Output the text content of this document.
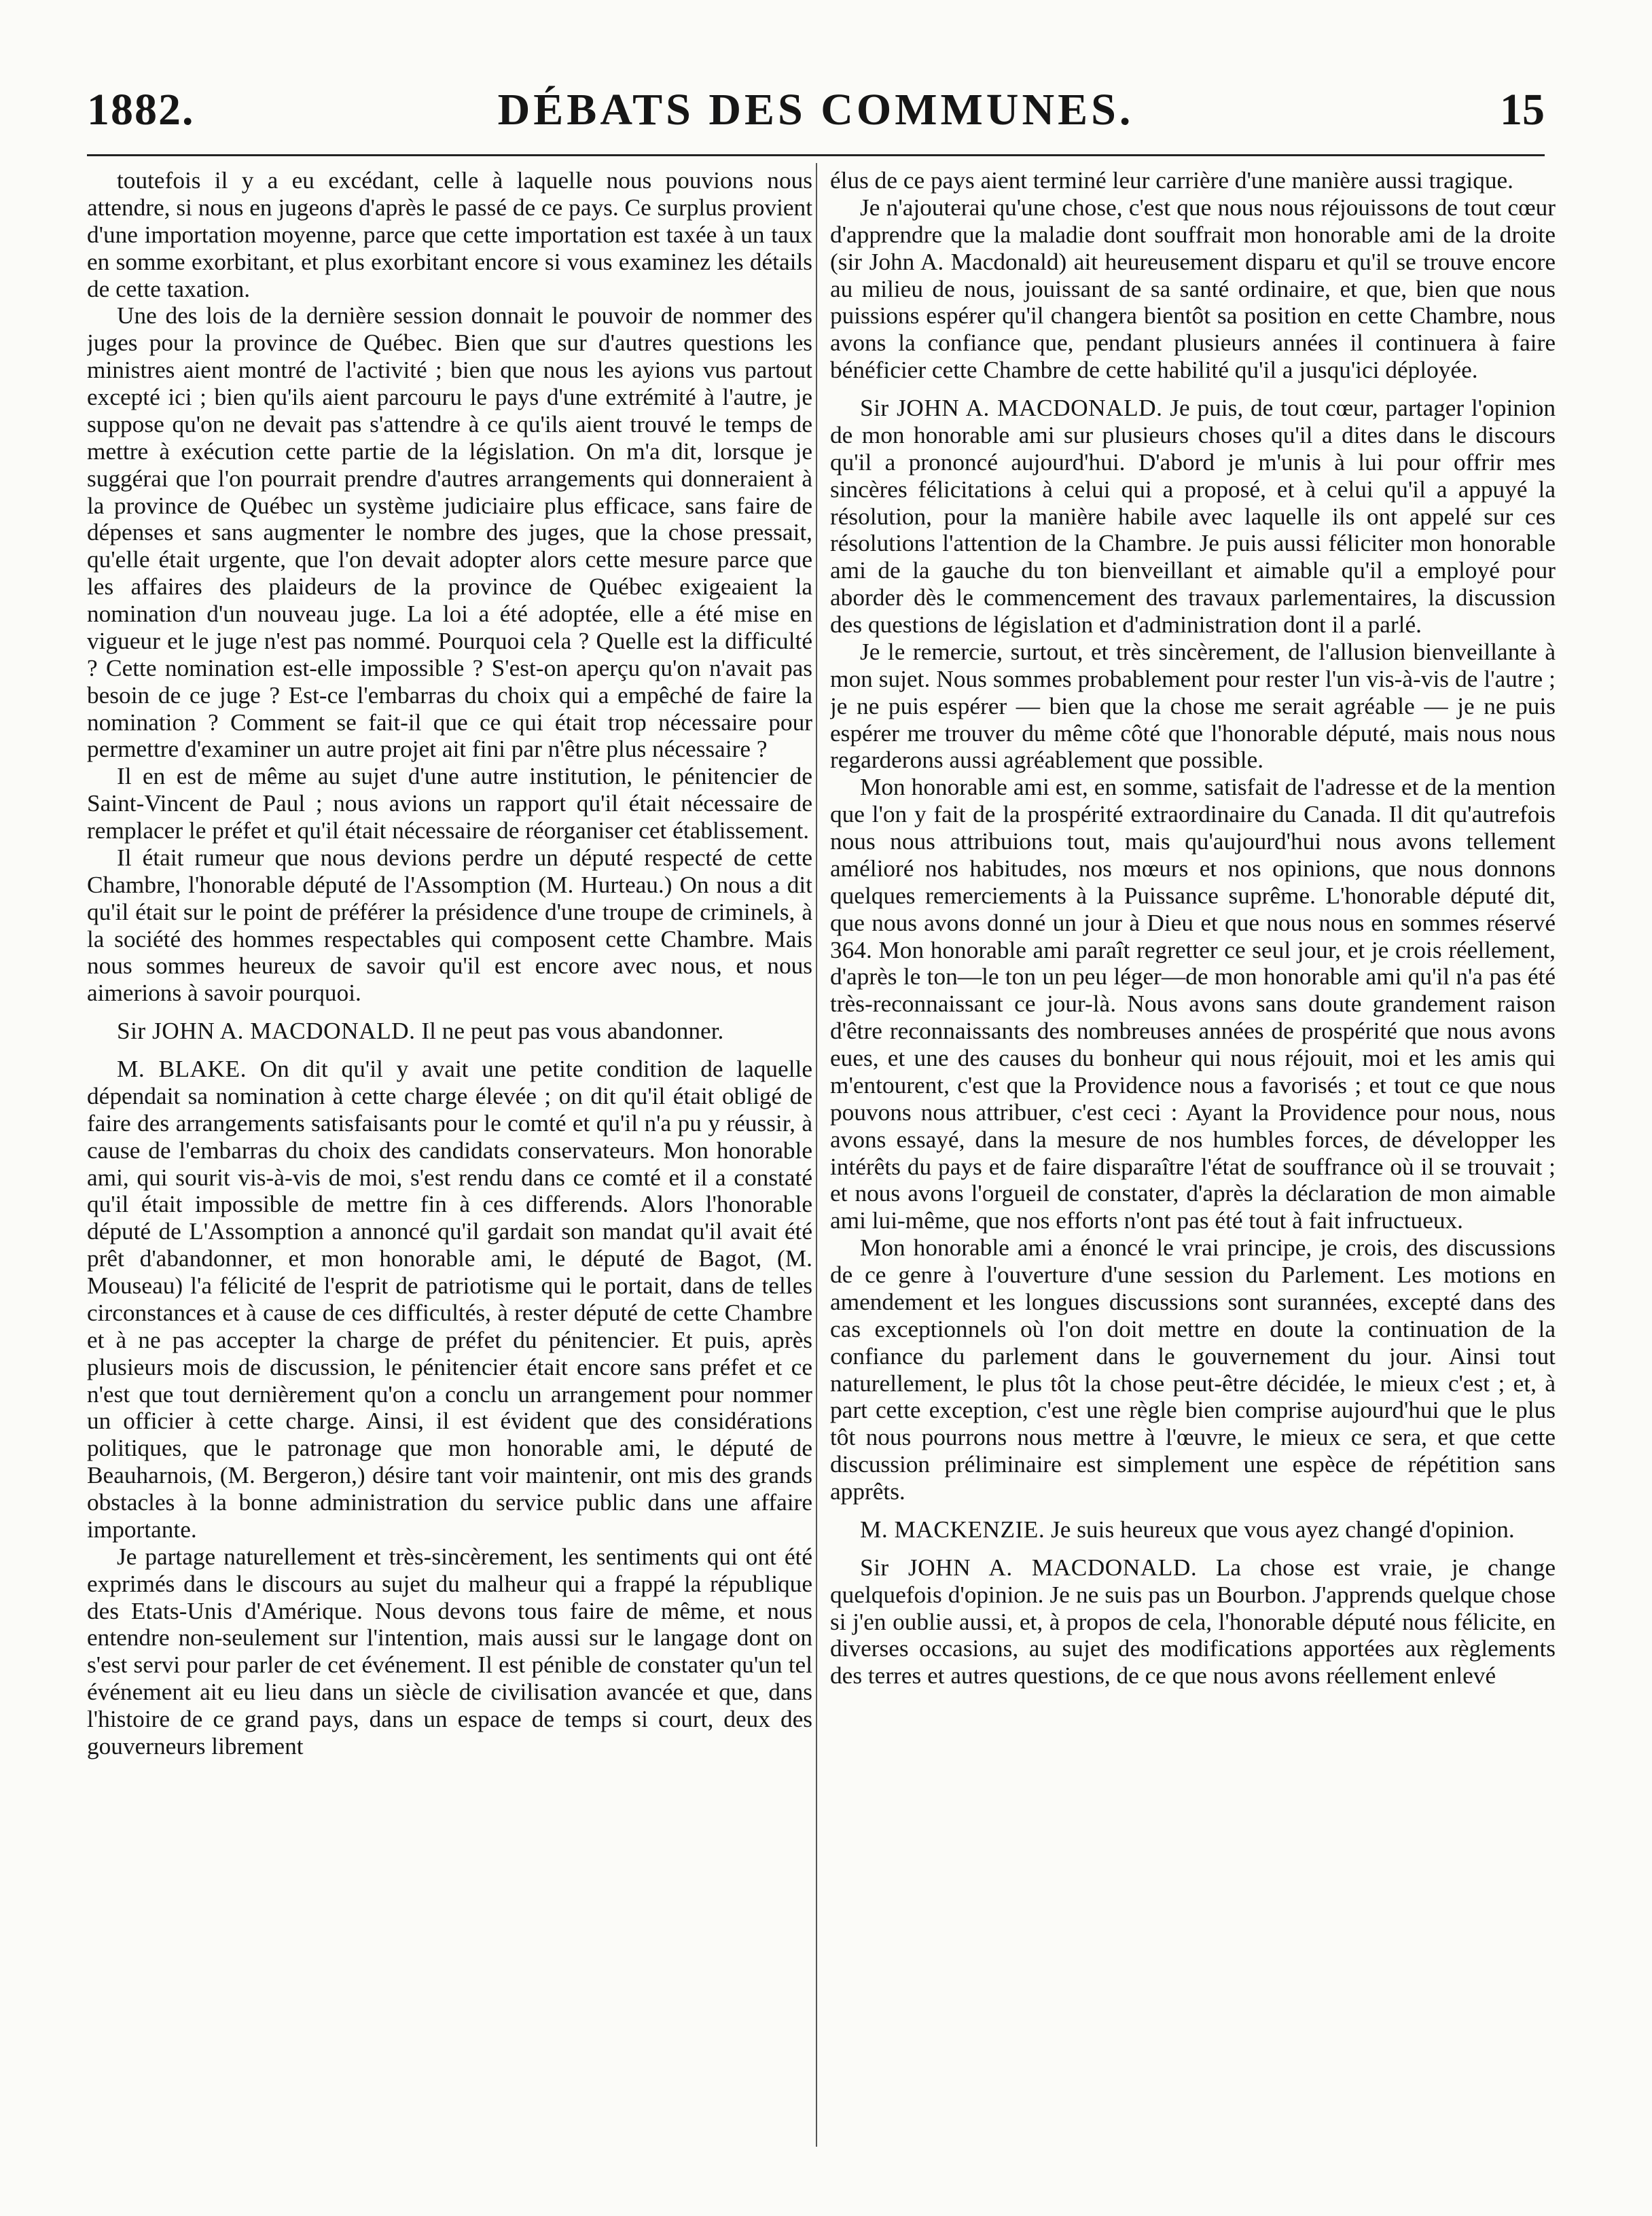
1882.	DÉBATS DES COMMUNES.	15

toutefois il y a eu excédant, celle à laquelle nous pouvions nous attendre, si nous en jugeons d'après le passé de ce pays. Ce surplus provient d'une importation moyenne, parce que cette importation est taxée à un taux en somme exorbitant, et plus exorbitant encore si vous examinez les détails de cette taxation.

Une des lois de la dernière session donnait le pouvoir de nommer des juges pour la province de Québec. Bien que sur d'autres questions les ministres aient montré de l'activité ; bien que nous les ayions vus partout excepté ici ; bien qu'ils aient parcouru le pays d'une extrémité à l'autre, je suppose qu'on ne devait pas s'attendre à ce qu'ils aient trouvé le temps de mettre à exécution cette partie de la législation. On m'a dit, lorsque je suggérai que l'on pourrait prendre d'autres arrangements qui donneraient à la province de Québec un système judiciaire plus efficace, sans faire de dépenses et sans augmenter le nombre des juges, que la chose pressait, qu'elle était urgente, que l'on devait adopter alors cette mesure parce que les affaires des plaideurs de la province de Québec exigeaient la nomination d'un nouveau juge. La loi a été adoptée, elle a été mise en vigueur et le juge n'est pas nommé. Pourquoi cela ? Quelle est la difficulté ? Cette nomination est-elle impossible ? S'est-on aperçu qu'on n'avait pas besoin de ce juge ? Est-ce l'embarras du choix qui a empêché de faire la nomination ? Comment se fait-il que ce qui était trop nécessaire pour permettre d'examiner un autre projet ait fini par n'être plus nécessaire ?

Il en est de même au sujet d'une autre institution, le pénitencier de Saint-Vincent de Paul ; nous avions un rapport qu'il était nécessaire de remplacer le préfet et qu'il était nécessaire de réorganiser cet établissement.

Il était rumeur que nous devions perdre un député respecté de cette Chambre, l'honorable député de l'Assomption (M. Hurteau.) On nous a dit qu'il était sur le point de préférer la présidence d'une troupe de criminels, à la société des hommes respectables qui composent cette Chambre. Mais nous sommes heureux de savoir qu'il est encore avec nous, et nous aimerions à savoir pourquoi.

Sir JOHN A. MACDONALD. Il ne peut pas vous abandonner.

M. BLAKE. On dit qu'il y avait une petite condition de laquelle dépendait sa nomination à cette charge élevée ; on dit qu'il était obligé de faire des arrangements satisfaisants pour le comté et qu'il n'a pu y réussir, à cause de l'embarras du choix des candidats conservateurs. Mon honorable ami, qui sourit vis-à-vis de moi, s'est rendu dans ce comté et il a constaté qu'il était impossible de mettre fin à ces differends. Alors l'honorable député de L'Assomption a annoncé qu'il gardait son mandat qu'il avait été prêt d'abandonner, et mon honorable ami, le député de Bagot, (M. Mouseau) l'a félicité de l'esprit de patriotisme qui le portait, dans de telles circonstances et à cause de ces difficultés, à rester député de cette Chambre et à ne pas accepter la charge de préfet du pénitencier. Et puis, après plusieurs mois de discussion, le pénitencier était encore sans préfet et ce n'est que tout dernièrement qu'on a conclu un arrangement pour nommer un officier à cette charge. Ainsi, il est évident que des considérations politiques, que le patronage que mon honorable ami, le député de Beauharnois, (M. Bergeron,) désire tant voir maintenir, ont mis des grands obstacles à la bonne administration du service public dans une affaire importante.

Je partage naturellement et très-sincèrement, les sentiments qui ont été exprimés dans le discours au sujet du malheur qui a frappé la république des Etats-Unis d'Amérique. Nous devons tous faire de même, et nous entendre non-seulement sur l'intention, mais aussi sur le langage dont on s'est servi pour parler de cet événement. Il est pénible de constater qu'un tel événement ait eu lieu dans un siècle de civilisation avancée et que, dans l'histoire de ce grand pays, dans un espace de temps si court, deux des gouverneurs librement

élus de ce pays aient terminé leur carrière d'une manière aussi tragique.

Je n'ajouterai qu'une chose, c'est que nous nous réjouissons de tout cœur d'apprendre que la maladie dont souffrait mon honorable ami de la droite (sir John A. Macdonald) ait heureusement disparu et qu'il se trouve encore au milieu de nous, jouissant de sa santé ordinaire, et que, bien que nous puissions espérer qu'il changera bientôt sa position en cette Chambre, nous avons la confiance que, pendant plusieurs années il continuera à faire bénéficier cette Chambre de cette habilité qu'il a jusqu'ici déployée.

Sir JOHN A. MACDONALD. Je puis, de tout cœur, partager l'opinion de mon honorable ami sur plusieurs choses qu'il a dites dans le discours qu'il a prononcé aujourd'hui. D'abord je m'unis à lui pour offrir mes sincères félicitations à celui qui a proposé, et à celui qu'il a appuyé la résolution, pour la manière habile avec laquelle ils ont appelé sur ces résolutions l'attention de la Chambre. Je puis aussi féliciter mon honorable ami de la gauche du ton bienveillant et aimable qu'il a employé pour aborder dès le commencement des travaux parlementaires, la discussion des questions de législation et d'administration dont il a parlé.

Je le remercie, surtout, et très sincèrement, de l'allusion bienveillante à mon sujet. Nous sommes probablement pour rester l'un vis-à-vis de l'autre ; je ne puis espérer — bien que la chose me serait agréable — je ne puis espérer me trouver du même côté que l'honorable député, mais nous nous regarderons aussi agréablement que possible.

Mon honorable ami est, en somme, satisfait de l'adresse et de la mention que l'on y fait de la prospérité extraordinaire du Canada. Il dit qu'autrefois nous nous attribuions tout, mais qu'aujourd'hui nous avons tellement amélioré nos habitudes, nos mœurs et nos opinions, que nous donnons quelques remerciements à la Puissance suprême. L'honorable député dit, que nous avons donné un jour à Dieu et que nous nous en sommes réservé 364. Mon honorable ami paraît regretter ce seul jour, et je crois réellement, d'après le ton—le ton un peu léger—de mon honorable ami qu'il n'a pas été très-reconnaissant ce jour-là. Nous avons sans doute grandement raison d'être reconnaissants des nombreuses années de prospérité que nous avons eues, et une des causes du bonheur qui nous réjouit, moi et les amis qui m'entourent, c'est que la Providence nous a favorisés ; et tout ce que nous pouvons nous attribuer, c'est ceci : Ayant la Providence pour nous, nous avons essayé, dans la mesure de nos humbles forces, de développer les intérêts du pays et de faire disparaître l'état de souffrance où il se trouvait ; et nous avons l'orgueil de constater, d'après la déclaration de mon aimable ami lui-même, que nos efforts n'ont pas été tout à fait infructueux.

Mon honorable ami a énoncé le vrai principe, je crois, des discussions de ce genre à l'ouverture d'une session du Parlement. Les motions en amendement et les longues discussions sont surannées, excepté dans des cas exceptionnels où l'on doit mettre en doute la continuation de la confiance du parlement dans le gouvernement du jour. Ainsi tout naturellement, le plus tôt la chose peut-être décidée, le mieux c'est ; et, à part cette exception, c'est une règle bien comprise aujourd'hui que le plus tôt nous pourrons nous mettre à l'œuvre, le mieux ce sera, et que cette discussion préliminaire est simplement une espèce de répétition sans apprêts.

M. MACKENZIE. Je suis heureux que vous ayez changé d'opinion.

Sir JOHN A. MACDONALD. La chose est vraie, je change quelquefois d'opinion. Je ne suis pas un Bourbon. J'apprends quelque chose si j'en oublie aussi, et, à propos de cela, l'honorable député nous félicite, en diverses occasions, au sujet des modifications apportées aux règlements des terres et autres questions, de ce que nous avons réellement enlevé
